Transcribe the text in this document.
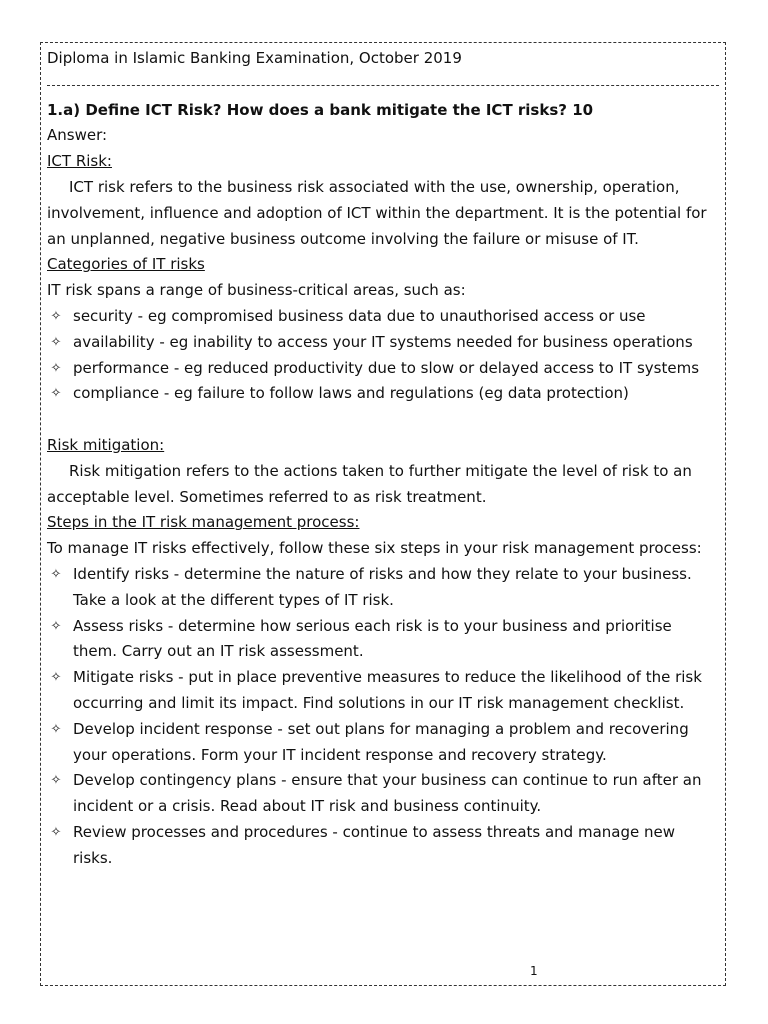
Diploma in Islamic Banking Examination, October 2019
1.a) Define ICT Risk? How does a bank mitigate the ICT risks? 10
Answer:
ICT Risk:
ICT risk refers to the business risk associated with the use, ownership, operation, involvement, influence and adoption of ICT within the department. It is the potential for an unplanned, negative business outcome involving the failure or misuse of IT.
Categories of IT risks
IT risk spans a range of business-critical areas, such as:
✧ security - eg compromised business data due to unauthorised access or use
✧ availability - eg inability to access your IT systems needed for business operations
✧ performance - eg reduced productivity due to slow or delayed access to IT systems
✧ compliance - eg failure to follow laws and regulations (eg data protection)
Risk mitigation:
Risk mitigation refers to the actions taken to further mitigate the level of risk to an acceptable level. Sometimes referred to as risk treatment.
Steps in the IT risk management process:
To manage IT risks effectively, follow these six steps in your risk management process:
✧ Identify risks - determine the nature of risks and how they relate to your business. Take a look at the different types of IT risk.
✧ Assess risks - determine how serious each risk is to your business and prioritise them. Carry out an IT risk assessment.
✧ Mitigate risks - put in place preventive measures to reduce the likelihood of the risk occurring and limit its impact. Find solutions in our IT risk management checklist.
✧ Develop incident response - set out plans for managing a problem and recovering your operations. Form your IT incident response and recovery strategy.
✧ Develop contingency plans - ensure that your business can continue to run after an incident or a crisis. Read about IT risk and business continuity.
✧ Review processes and procedures - continue to assess threats and manage new risks.
1
